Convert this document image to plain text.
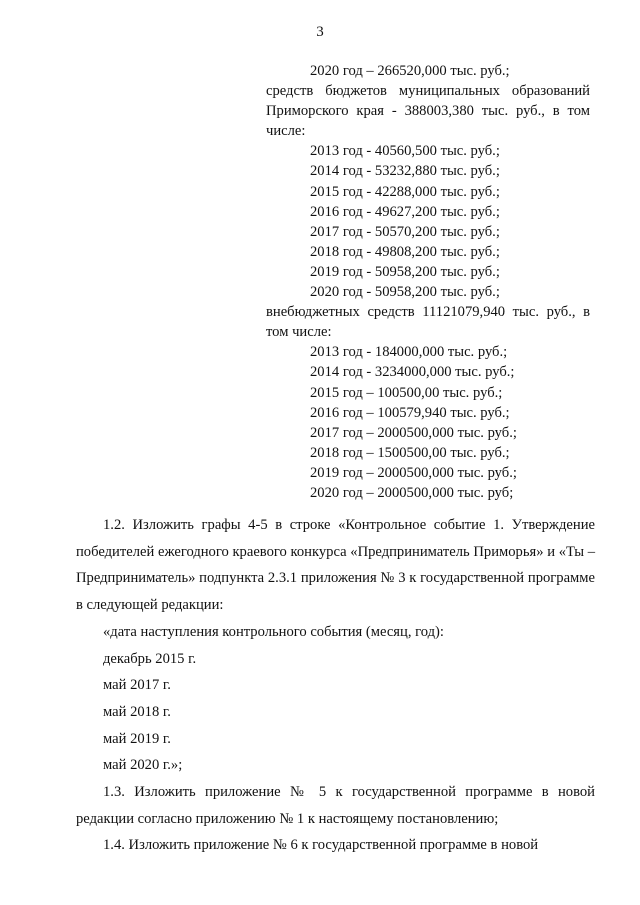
3
2020 год – 266520,000 тыс. руб.;
средств бюджетов муниципальных образований Приморского края - 388003,380 тыс. руб., в том числе:
2013 год - 40560,500 тыс. руб.;
2014 год - 53232,880 тыс. руб.;
2015 год - 42288,000 тыс. руб.;
2016 год - 49627,200 тыс. руб.;
2017 год - 50570,200 тыс. руб.;
2018 год - 49808,200 тыс. руб.;
2019 год - 50958,200 тыс. руб.;
2020 год - 50958,200 тыс. руб.;
внебюджетных средств 11121079,940 тыс. руб., в том числе:
2013 год - 184000,000 тыс. руб.;
2014 год - 3234000,000 тыс. руб.;
2015 год – 100500,00 тыс. руб.;
2016 год – 100579,940 тыс. руб.;
2017 год – 2000500,000 тыс. руб.;
2018 год – 1500500,00 тыс. руб.;
2019 год – 2000500,000 тыс. руб.;
2020 год – 2000500,000 тыс. руб;
1.2. Изложить графы 4-5 в строке «Контрольное событие 1. Утверждение победителей ежегодного краевого конкурса «Предприниматель Приморья» и «Ты – Предприниматель» подпункта 2.3.1 приложения № 3 к государственной программе в следующей редакции:
«дата наступления контрольного события (месяц, год):
декабрь 2015 г.
май 2017 г.
май 2018 г.
май 2019 г.
май 2020 г.»;
1.3. Изложить приложение № 5 к государственной программе в новой редакции согласно приложению № 1 к настоящему постановлению;
1.4. Изложить приложение № 6 к государственной программе в новой
